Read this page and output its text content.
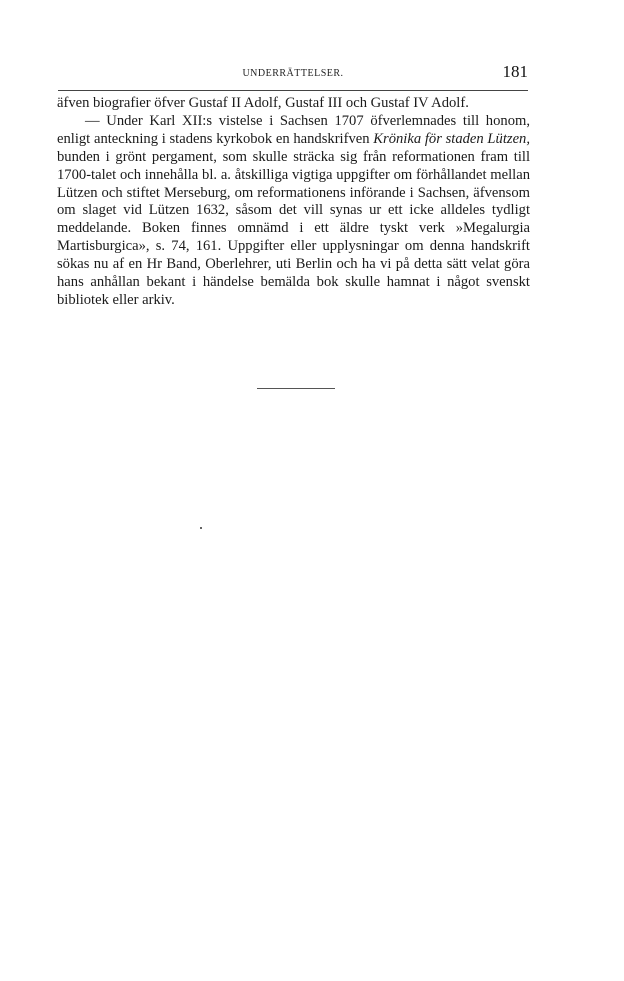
UNDERRÄTTELSER.	181

äfven biografier öfver Gustaf II Adolf, Gustaf III och Gustaf IV Adolf.

— Under Karl XII:s vistelse i Sachsen 1707 öfverlemnades till honom, enligt anteckning i stadens kyrkobok en handskrifven Krönika för staden Lützen, bunden i grönt pergament, som skulle sträcka sig från reformationen fram till 1700-talet och innehålla bl. a. åtskilliga vigtiga uppgifter om förhållandet mellan Lützen och stiftet Merseburg, om reformationens införande i Sachsen, äfvensom om slaget vid Lützen 1632, såsom det vill synas ur ett icke alldeles tydligt meddelande. Boken finnes omnämd i ett äldre tyskt verk »Megalurgia Martisburgica», s. 74, 161. Uppgifter eller upplysningar om denna handskrift sökas nu af en Hr Band, Oberlehrer, uti Berlin och ha vi på detta sätt velat göra hans anhållan bekant i händelse bemälda bok skulle hamnat i något svenskt bibliotek eller arkiv.
